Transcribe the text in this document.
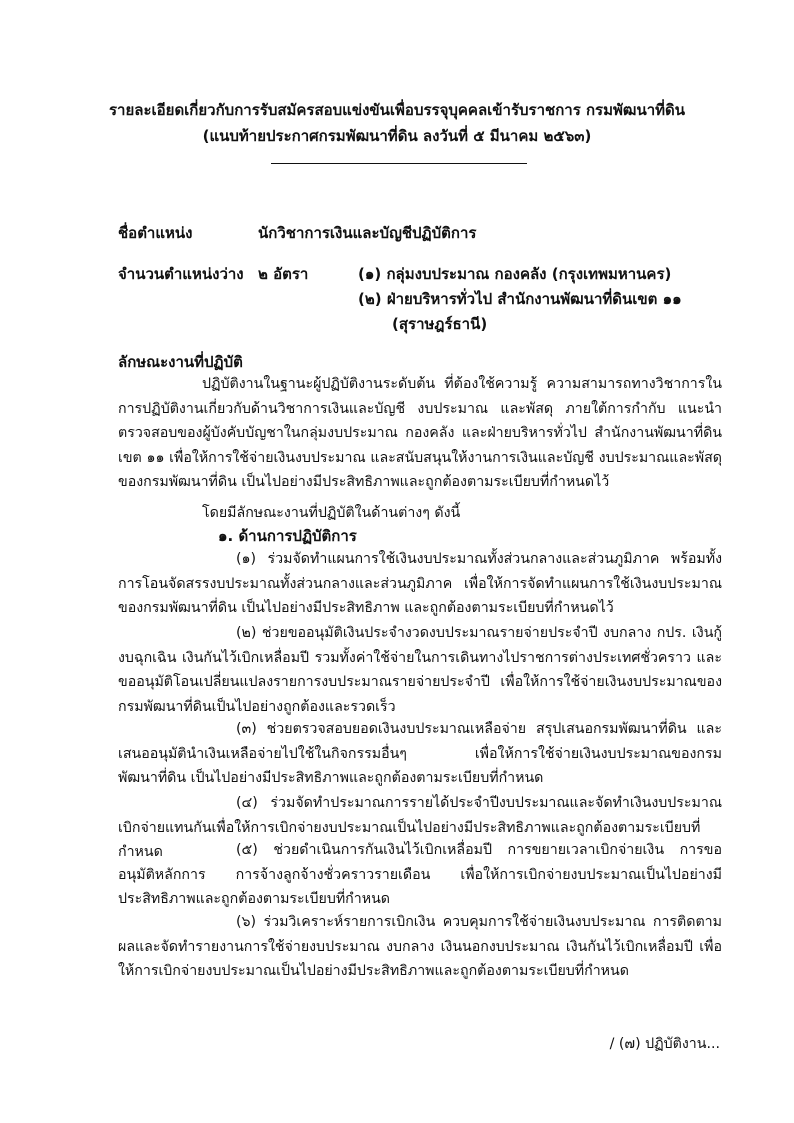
รายละเอียดเกี่ยวกับการรับสมัครสอบแข่งขันเพื่อบรรจุบุคคลเข้ารับราชการ กรมพัฒนาที่ดิน
(แนบท้ายประกาศกรมพัฒนาที่ดิน ลงวันที่ ๕ มีนาคม ๒๕๖๓)
ชื่อตำแหน่ง	นักวิชาการเงินและบัญชีปฏิบัติการ
จำนวนตำแหน่งว่าง ๒ อัตรา	(๑) กลุ่มงบประมาณ กองคลัง (กรุงเทพมหานคร)
(๒) ฝ่ายบริหารทั่วไป สำนักงานพัฒนาที่ดินเขต ๑๑
(สุราษฎร์ธานี)
ลักษณะงานที่ปฏิบัติ
ปฏิบัติงานในฐานะผู้ปฏิบัติงานระดับต้น ที่ต้องใช้ความรู้ ความสามารถทางวิชาการในการปฏิบัติงานเกี่ยวกับด้านวิชาการเงินและบัญชี งบประมาณ และพัสดุ ภายใต้การกำกับ แนะนำ ตรวจสอบของผู้บังคับบัญชาในกลุ่มงบประมาณ กองคลัง และฝ่ายบริหารทั่วไป สำนักงานพัฒนาที่ดินเขต ๑๑ เพื่อให้การใช้จ่ายเงินงบประมาณ และสนับสนุนให้งานการเงินและบัญชี งบประมาณและพัสดุของกรมพัฒนาที่ดิน เป็นไปอย่างมีประสิทธิภาพและถูกต้องตามระเบียบที่กำหนดไว้
โดยมีลักษณะงานที่ปฏิบัติในด้านต่างๆ ดังนี้
๑. ด้านการปฏิบัติการ
(๑) ร่วมจัดทำแผนการใช้เงินงบประมาณทั้งส่วนกลางและส่วนภูมิภาค พร้อมทั้งการโอนจัดสรรงบประมาณทั้งส่วนกลางและส่วนภูมิภาค เพื่อให้การจัดทำแผนการใช้เงินงบประมาณของกรมพัฒนาที่ดิน เป็นไปอย่างมีประสิทธิภาพ และถูกต้องตามระเบียบที่กำหนดไว้
(๒) ช่วยขออนุมัติเงินประจำงวดงบประมาณรายจ่ายประจำปี งบกลาง กปร. เงินกู้งบฉุกเฉิน เงินกันไว้เบิกเหลื่อมปี รวมทั้งค่าใช้จ่ายในการเดินทางไปราชการต่างประเทศชั่วคราว และขออนุมัติโอนเปลี่ยนแปลงรายการงบประมาณรายจ่ายประจำปี เพื่อให้การใช้จ่ายเงินงบประมาณของกรมพัฒนาที่ดินเป็นไปอย่างถูกต้องและรวดเร็ว
(๓) ช่วยตรวจสอบยอดเงินงบประมาณเหลือจ่าย สรุปเสนอกรมพัฒนาที่ดิน และเสนออนุมัตินำเงินเหลือจ่ายไปใช้ในกิจกรรมอื่นๆ เพื่อให้การใช้จ่ายเงินงบประมาณของกรมพัฒนาที่ดิน เป็นไปอย่างมีประสิทธิภาพและถูกต้องตามระเบียบที่กำหนด
(๔) ร่วมจัดทำประมาณการรายได้ประจำปีงบประมาณและจัดทำเงินงบประมาณเบิกจ่ายแทนกันเพื่อให้การเบิกจ่ายงบประมาณเป็นไปอย่างมีประสิทธิภาพและถูกต้องตามระเบียบที่กำหนด	(๕) ช่วยดำเนินการกันเงินไว้เบิกเหลื่อมปี การขยายเวลาเบิกจ่ายเงิน การขออนุมัติหลักการ การจ้างลูกจ้างชั่วคราวรายเดือน เพื่อให้การเบิกจ่ายงบประมาณเป็นไปอย่างมีประสิทธิภาพและถูกต้องตามระเบียบที่กำหนด
(๖) ร่วมวิเคราะห์รายการเบิกเงิน ควบคุมการใช้จ่ายเงินงบประมาณ การติดตามผลและจัดทำรายงานการใช้จ่ายงบประมาณ งบกลาง เงินนอกงบประมาณ เงินกันไว้เบิกเหลื่อมปี เพื่อให้การเบิกจ่ายงบประมาณเป็นไปอย่างมีประสิทธิภาพและถูกต้องตามระเบียบที่กำหนด
/ (๗) ปฏิบัติงาน...
